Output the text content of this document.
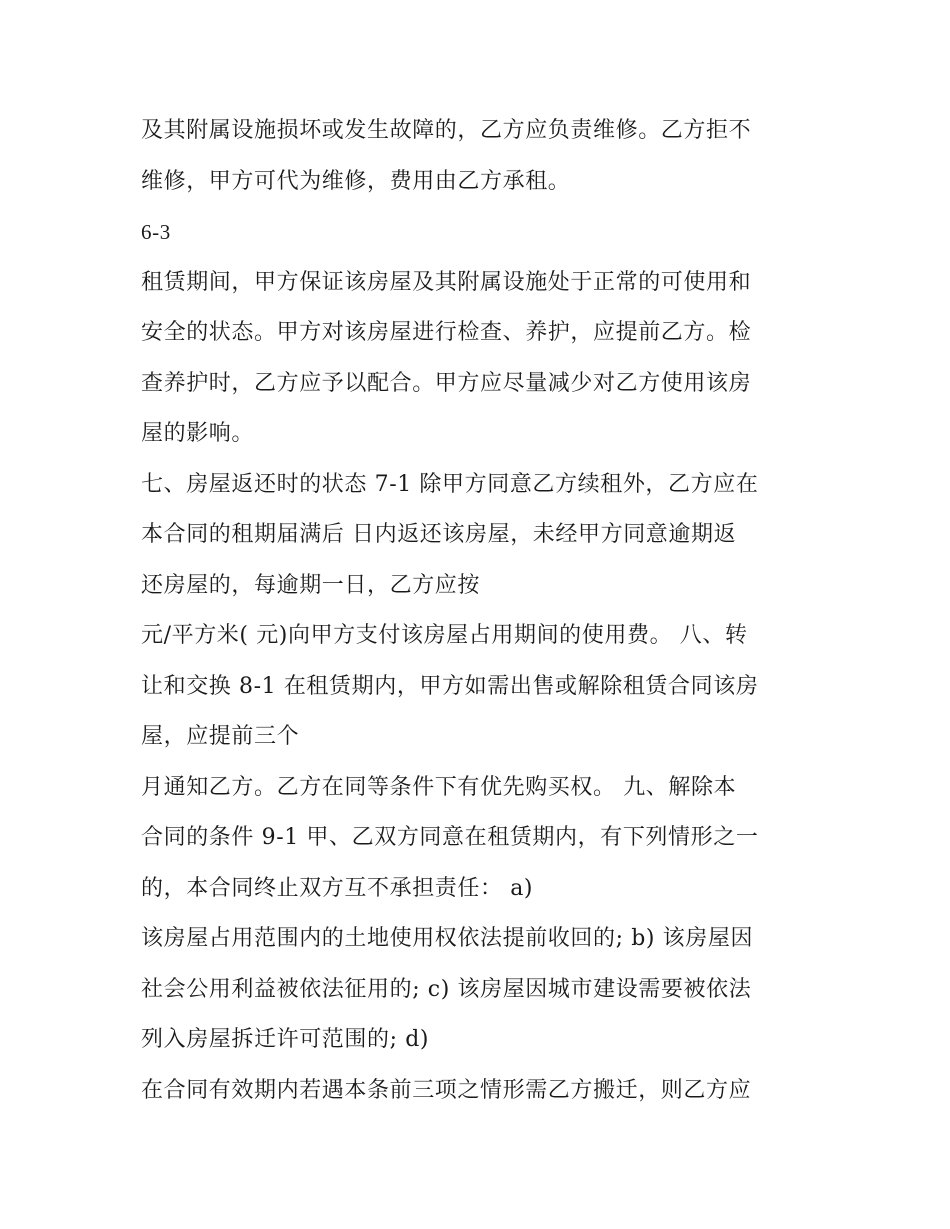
及其附属设施损坏或发生故障的，乙方应负责维修。乙方拒不
维修，甲方可代为维修，费用由乙方承租。
6-3
租赁期间，甲方保证该房屋及其附属设施处于正常的可使用和
安全的状态。甲方对该房屋进行检查、养护，应提前乙方。检
查养护时，乙方应予以配合。甲方应尽量减少对乙方使用该房
屋的影响。
七、房屋返还时的状态 7-1 除甲方同意乙方续租外，乙方应在
本合同的租期届满后 日内返还该房屋，未经甲方同意逾期返
还房屋的，每逾期一日，乙方应按
元/平方米( 元)向甲方支付该房屋占用期间的使用费。 八、转
让和交换 8-1 在租赁期内，甲方如需出售或解除租赁合同该房
屋，应提前三个
月通知乙方。乙方在同等条件下有优先购买权。 九、解除本
合同的条件 9-1 甲、乙双方同意在租赁期内，有下列情形之一
的，本合同终止双方互不承担责任： a)
该房屋占用范围内的土地使用权依法提前收回的; b) 该房屋因
社会公用利益被依法征用的; c) 该房屋因城市建设需要被依法
列入房屋拆迁许可范围的; d)
在合同有效期内若遇本条前三项之情形需乙方搬迁，则乙方应
